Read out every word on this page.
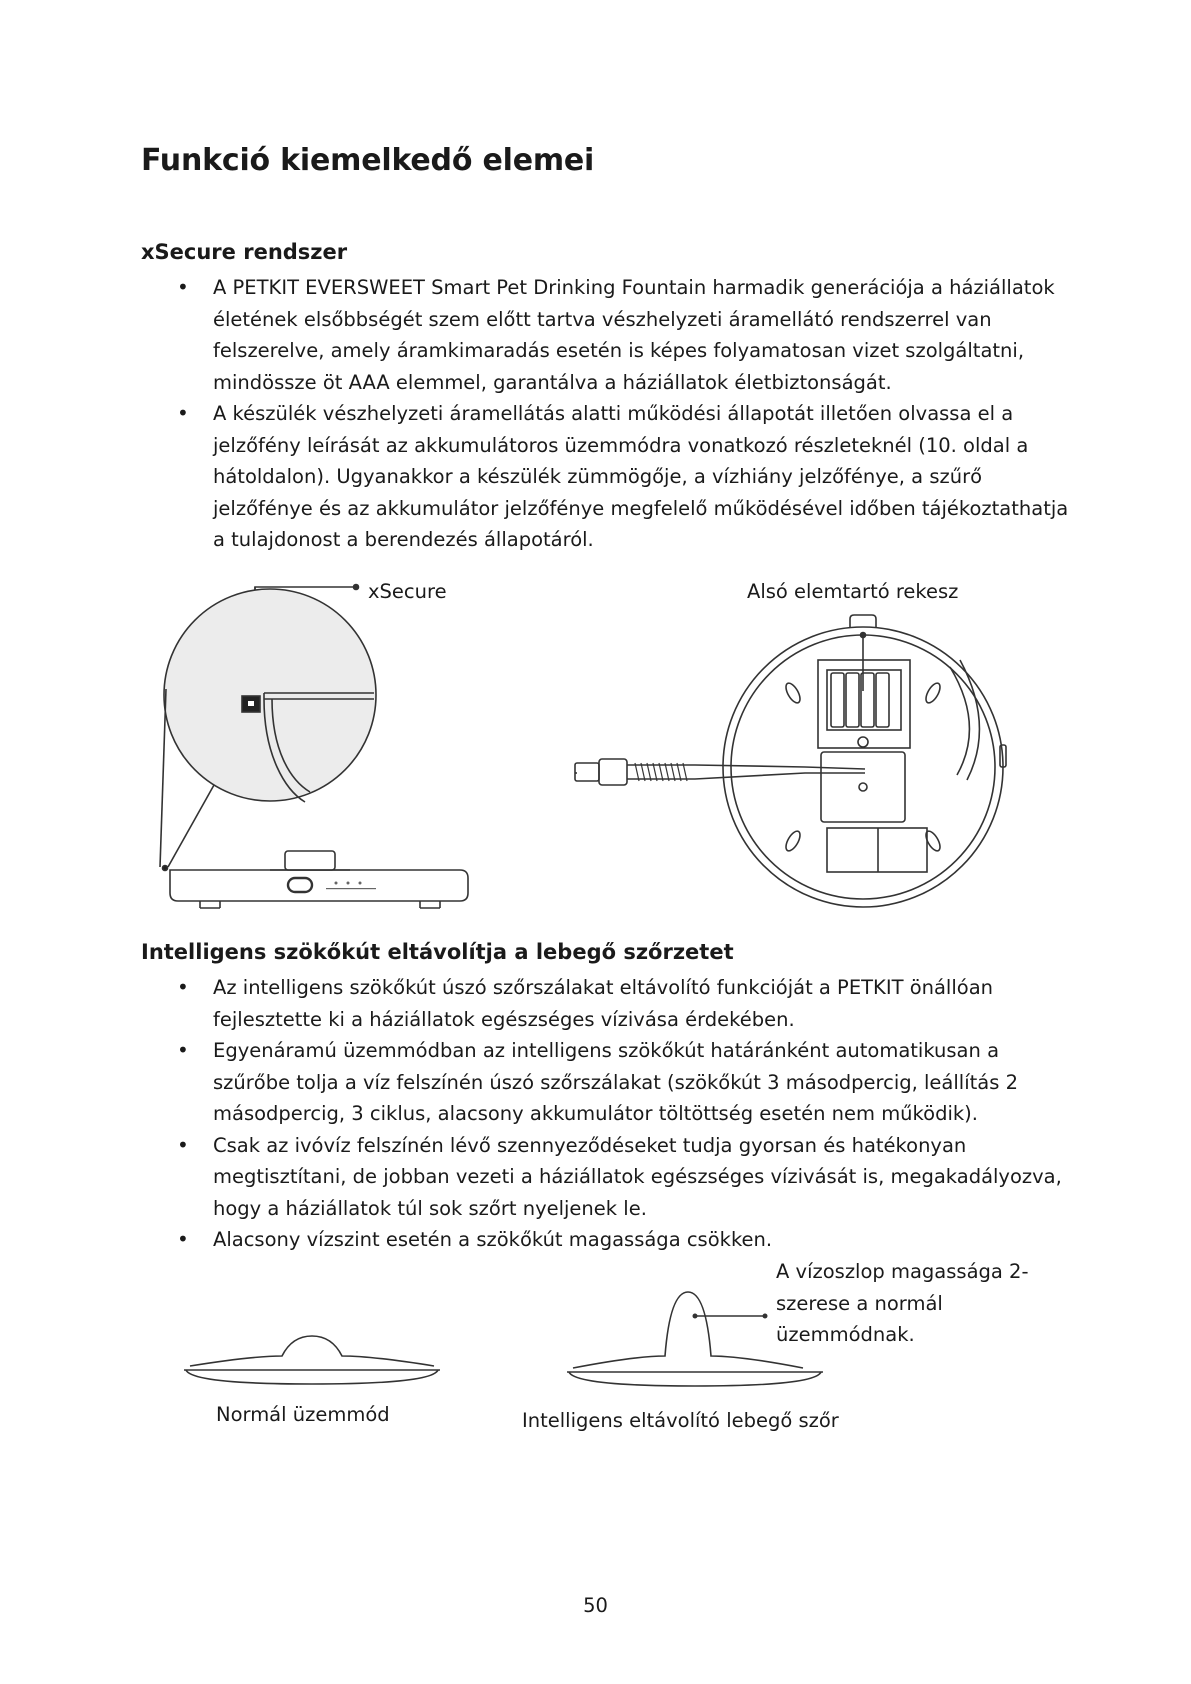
Funkció kiemelkedő elemei
xSecure rendszer
• A PETKIT EVERSWEET Smart Pet Drinking Fountain harmadik generációja a háziállatok életének elsőbbségét szem előtt tartva vészhelyzeti áramellátó rendszerrel van felszerelve, amely áramkimaradás esetén is képes folyamatosan vizet szolgáltatni, mindössze öt AAA elemmel, garantálva a háziállatok életbiztonságát.
• A készülék vészhelyzeti áramellátás alatti működési állapotát illetően olvassa el a jelzőfény leírását az akkumulátoros üzemmódra vonatkozó részleteknél (10. oldal a hátoldalon). Ugyanakkor a készülék zümmögője, a vízhiány jelzőfénye, a szűrő jelzőfénye és az akkumulátor jelzőfénye megfelelő működésével időben tájékoztathatja a tulajdonost a berendezés állapotáról.

xSecure	Alsó elemtartó rekesz

Intelligens szökőkút eltávolítja a lebegő szőrzetet
• Az intelligens szökőkút úszó szőrszálakat eltávolító funkcióját a PETKIT önállóan fejlesztette ki a háziállatok egészséges vízivása érdekében.
• Egyenáramú üzemmódban az intelligens szökőkút határánként automatikusan a szűrőbe tolja a víz felszínén úszó szőrszálakat (szökőkút 3 másodpercig, leállítás 2 másodpercig, 3 ciklus, alacsony akkumulátor töltöttség esetén nem működik).
• Csak az ivóvíz felszínén lévő szennyeződéseket tudja gyorsan és hatékonyan megtisztítani, de jobban vezeti a háziállatok egészséges vízivását is, megakadályozva, hogy a háziállatok túl sok szőrt nyeljenek le.
• Alacsony vízszint esetén a szökőkút magassága csökken.

A vízoszlop magassága 2-szerese a normál üzemmódnak.

Normál üzemmód	Intelligens eltávolító lebegő szőr

50
